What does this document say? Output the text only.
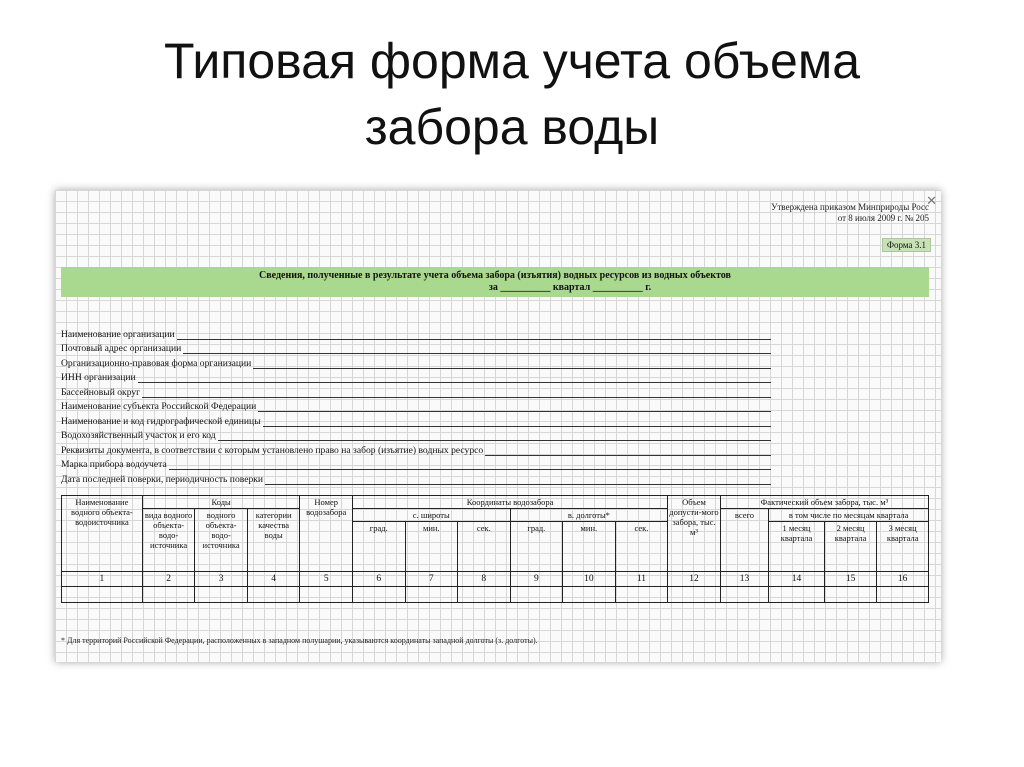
Типовая форма учета объема
забора воды
✕
Утверждена приказом Минприроды Росс
от 8 июля 2009 г. № 205
Форма 3.1
Сведения, полученные в результате учета объема забора (изъятия) водных ресурсов из водных объектов
за __________ квартал __________ г.
Наименование организации
Почтовый адрес организации
Организационно-правовая форма организации
ИНН организации
Бассейновый округ
Наименование субъекта Российской Федерации
Наименование и код гидрографической единицы
Водохозяйственный участок и его код
Реквизиты документа, в соответствии с которым установлено право на забор (изъятие) водных ресурсо
Марка прибора водоучета
Дата последней поверки, периодичность поверки
Наименование водного объекта-водоисточника	Коды			Номер водозабора	Координаты водозабора						Объем допусти-мого забора, тыс. м³	Фактический объем забора, тыс. м³			
	вида водного объекта-водо-источника	водного объекта-водо-источника	категории качества воды		с. широты			в. долготы*				всего	в том числе по месяцам квартала		
					град.	мин.	сек.	град.	мин.	сек.			1 месяц квартала	2 месяц квартала	3 месяц квартала
1	2	3	4	5	6	7	8	9	10	11	12	13	14	15	16

* Для территорий Российской Федерации, расположенных в западном полушарии, указываются координаты западной долготы (з. долготы).
